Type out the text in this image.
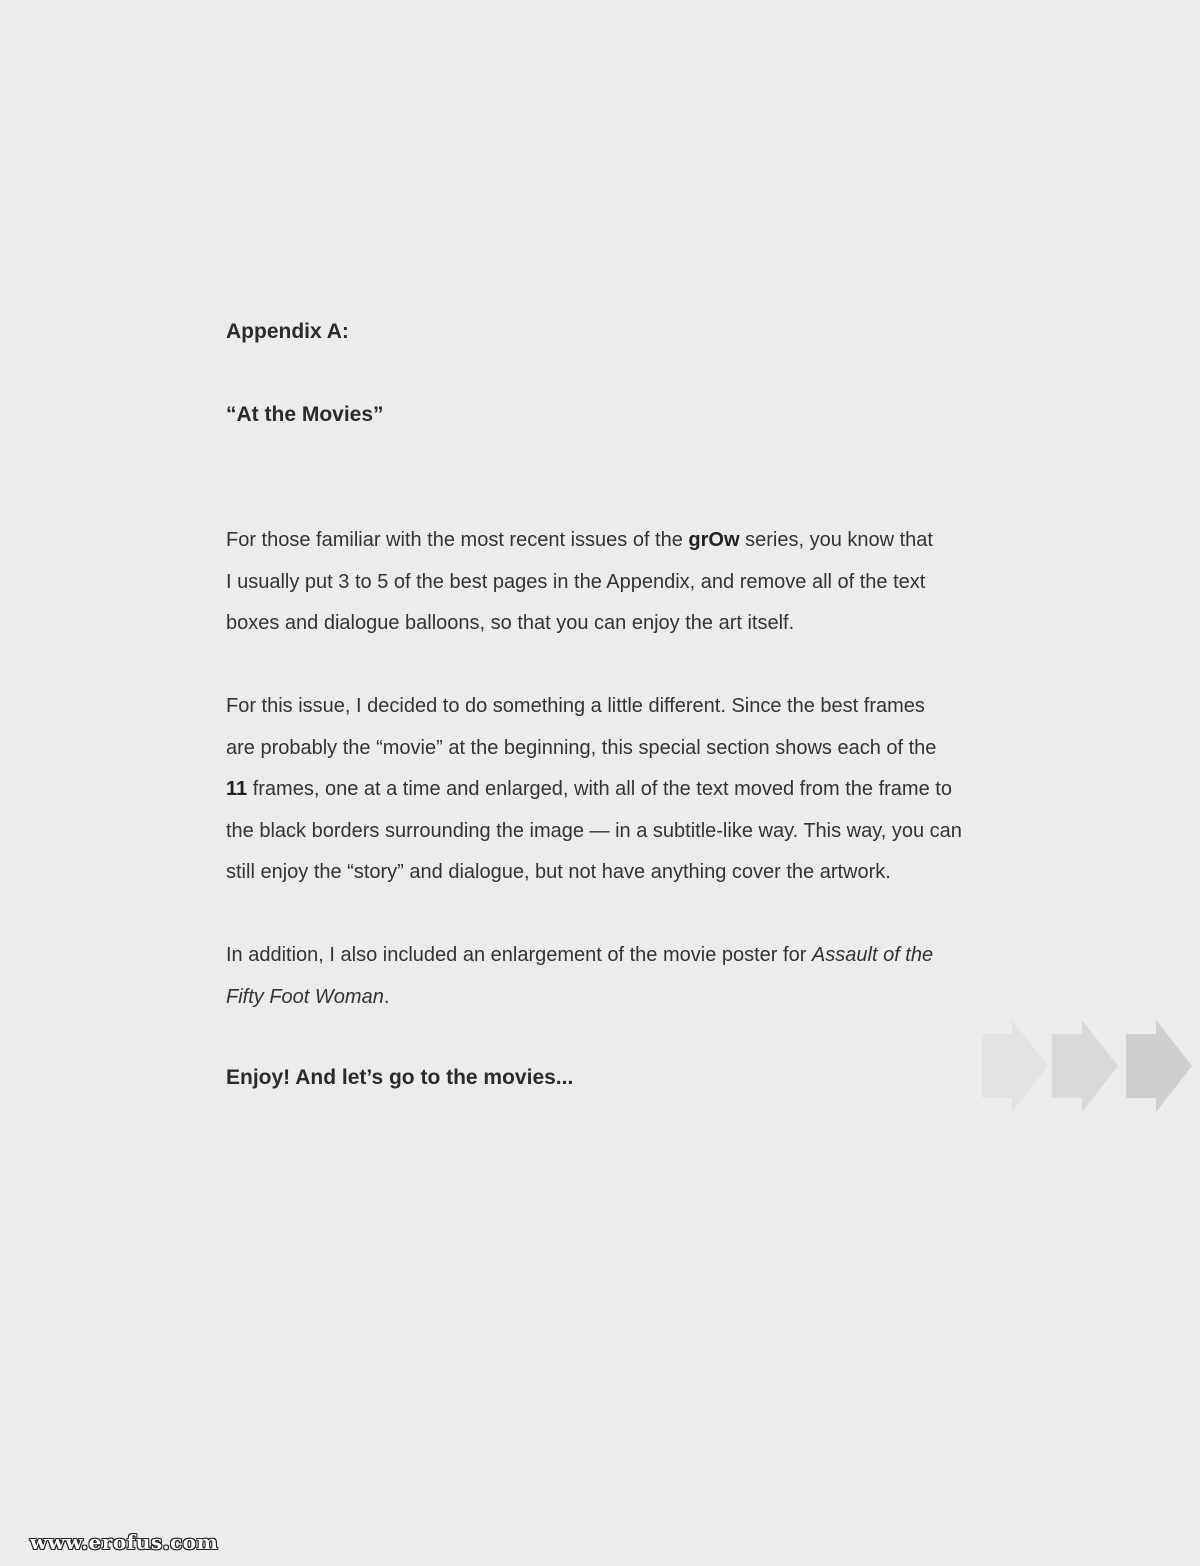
Appendix A:
“At the Movies”

For those familiar with the most recent issues of the grOw series, you know that
I usually put 3 to 5 of the best pages in the Appendix, and remove all of the text
boxes and dialogue balloons, so that you can enjoy the art itself.

For this issue, I decided to do something a little different. Since the best frames
are probably the “movie” at the beginning, this special section shows each of the
11 frames, one at a time and enlarged, with all of the text moved from the frame to
the black borders surrounding the image — in a subtitle-like way. This way, you can
still enjoy the “story” and dialogue, but not have anything cover the artwork.

In addition, I also included an enlargement of the movie poster for Assault of the
Fifty Foot Woman.

Enjoy! And let’s go to the movies...

www.erofus.com
